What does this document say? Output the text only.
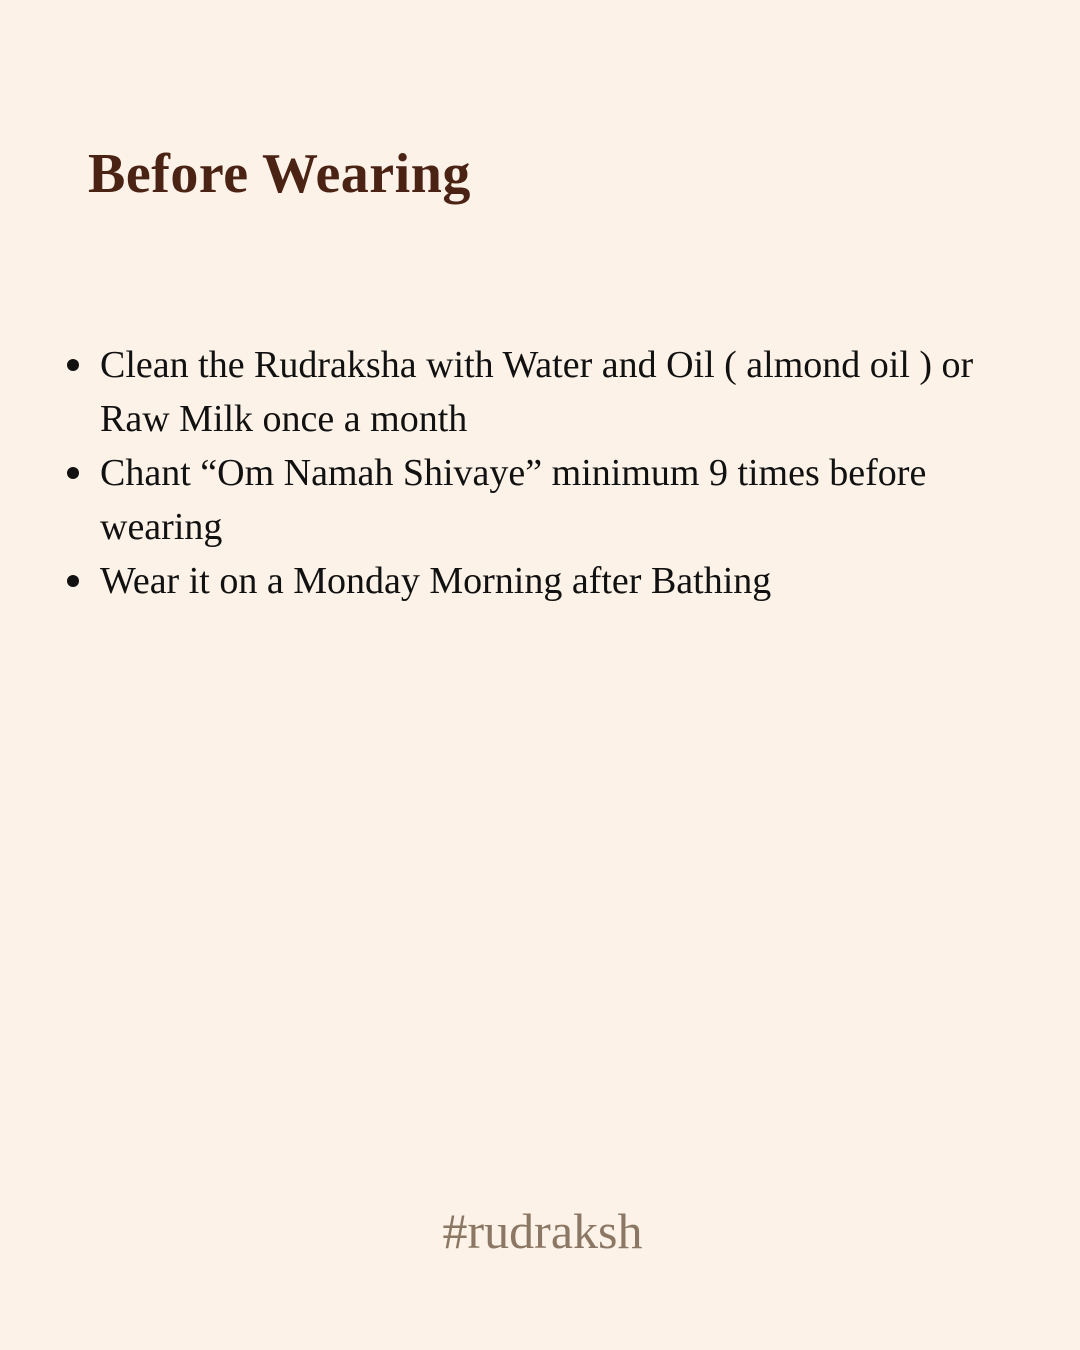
Before Wearing
Clean the Rudraksha with Water and Oil ( almond oil ) or Raw Milk once a month
Chant “Om Namah Shivaye” minimum 9 times before wearing
Wear it on a Monday Morning after Bathing

#rudraksh
